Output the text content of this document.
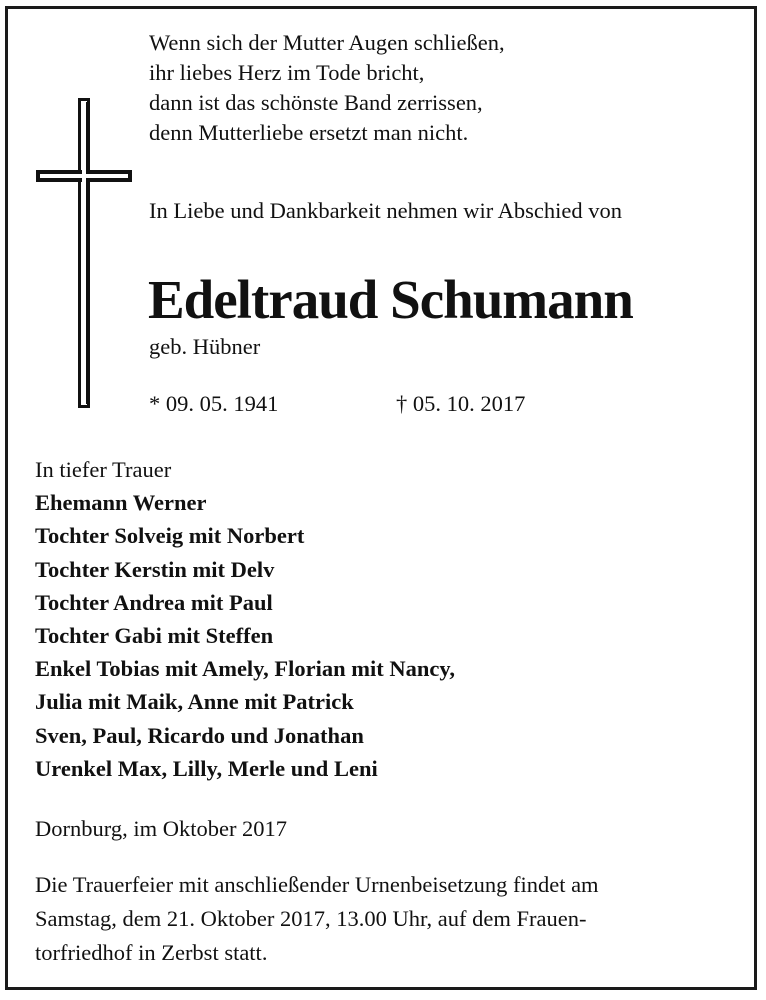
Wenn sich der Mutter Augen schließen,
ihr liebes Herz im Tode bricht,
dann ist das schönste Band zerrissen,
denn Mutterliebe ersetzt man nicht.
In Liebe und Dankbarkeit nehmen wir Abschied von
Edeltraud Schumann
geb. Hübner
* 09. 05. 1941	† 05. 10. 2017
In tiefer Trauer
Ehemann Werner
Tochter Solveig mit Norbert
Tochter Kerstin mit Delv
Tochter Andrea mit Paul
Tochter Gabi mit Steffen
Enkel Tobias mit Amely, Florian mit Nancy,
Julia mit Maik, Anne mit Patrick
Sven, Paul, Ricardo und Jonathan
Urenkel Max, Lilly, Merle und Leni
Dornburg, im Oktober 2017
Die Trauerfeier mit anschließender Urnenbeisetzung findet am
Samstag, dem 21. Oktober 2017, 13.00 Uhr, auf dem Frauen-
torfriedhof in Zerbst statt.
